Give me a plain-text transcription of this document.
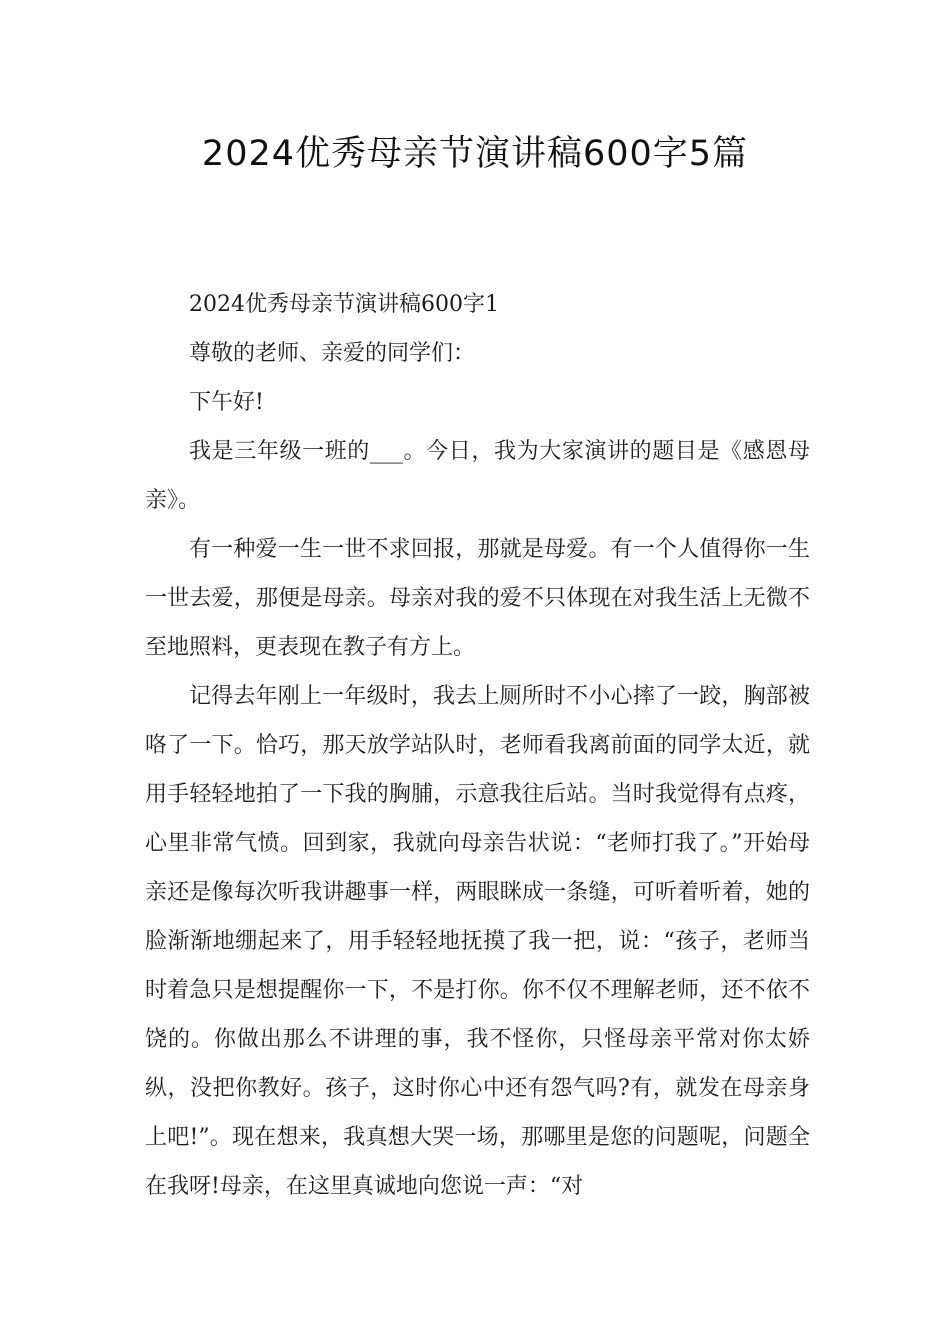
2024优秀母亲节演讲稿600字5篇

2024优秀母亲节演讲稿600字1

尊敬的老师、亲爱的同学们：

下午好!

我是三年级一班的___。今日，我为大家演讲的题目是《感恩母亲》。

有一种爱一生一世不求回报，那就是母爱。有一个人值得你一生一世去爱，那便是母亲。母亲对我的爱不只体现在对我生活上无微不至地照料，更表现在教子有方上。

记得去年刚上一年级时，我去上厕所时不小心摔了一跤，胸部被咯了一下。恰巧，那天放学站队时，老师看我离前面的同学太近，就用手轻轻地拍了一下我的胸脯，示意我往后站。当时我觉得有点疼，心里非常气愤。回到家，我就向母亲告状说：“老师打我了。”开始母亲还是像每次听我讲趣事一样，两眼眯成一条缝，可听着听着，她的脸渐渐地绷起来了，用手轻轻地抚摸了我一把，说：“孩子，老师当时着急只是想提醒你一下，不是打你。你不仅不理解老师，还不依不饶的。你做出那么不讲理的事，我不怪你，只怪母亲平常对你太娇纵，没把你教好。孩子，这时你心中还有怨气吗?有，就发在母亲身上吧!”。现在想来，我真想大哭一场，那哪里是您的问题呢，问题全在我呀!母亲，在这里真诚地向您说一声：“对
